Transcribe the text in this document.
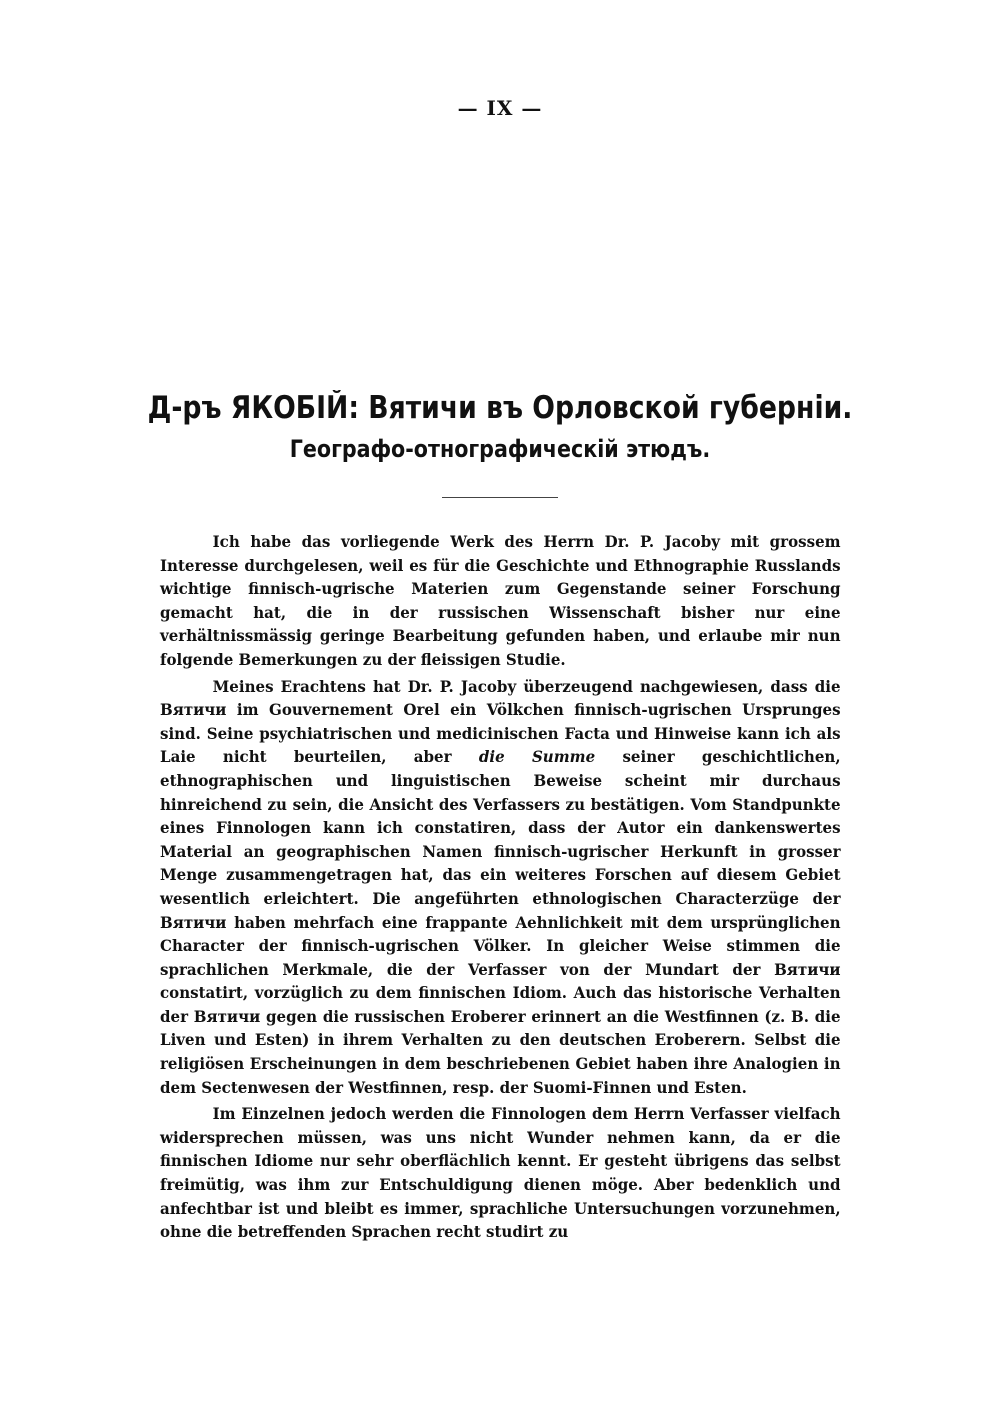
— IX —
Д-ръ ЯКОБІЙ: Вятичи въ Орловской губерніи.
Географо-отнографическій этюдъ.

Ich habe das vorliegende Werk des Herrn Dr. P. Jacoby mit grossem Interesse durchgelesen, weil es für die Geschichte und Ethnographie Russlands wichtige finnisch-ugrische Materien zum Gegenstande seiner Forschung gemacht hat, die in der russischen Wissenschaft bisher nur eine verhältnissmässig geringe Bearbeitung gefunden haben, und erlaube mir nun folgende Bemerkungen zu der fleissigen Studie.

Meines Erachtens hat Dr. P. Jacoby überzeugend nachgewiesen, dass die Вятичи im Gouvernement Orel ein Völkchen finnisch-ugrischen Ursprunges sind. Seine psychiatrischen und medicinischen Facta und Hinweise kann ich als Laie nicht beurteilen, aber die Summe seiner geschichtlichen, ethnographischen und linguistischen Beweise scheint mir durchaus hinreichend zu sein, die Ansicht des Verfassers zu bestätigen. Vom Standpunkte eines Finnologen kann ich constatiren, dass der Autor ein dankenswertes Material an geographischen Namen finnisch-ugrischer Herkunft in grosser Menge zusammengetragen hat, das ein weiteres Forschen auf diesem Gebiet wesentlich erleichtert. Die angeführten ethnologischen Characterzüge der Вятичи haben mehrfach eine frappante Aehnlichkeit mit dem ursprünglichen Character der finnisch-ugrischen Völker. In gleicher Weise stimmen die sprachlichen Merkmale, die der Verfasser von der Mundart der Вятичи constatirt, vorzüglich zu dem finnischen Idiom. Auch das historische Verhalten der Вятичи gegen die russischen Eroberer erinnert an die Westfinnen (z. B. die Liven und Esten) in ihrem Verhalten zu den deutschen Eroberern. Selbst die religiösen Erscheinungen in dem beschriebenen Gebiet haben ihre Analogien in dem Sectenwesen der Westfinnen, resp. der Suomi-Finnen und Esten.

Im Einzelnen jedoch werden die Finnologen dem Herrn Verfasser vielfach widersprechen müssen, was uns nicht Wunder nehmen kann, da er die finnischen Idiome nur sehr oberflächlich kennt. Er gesteht übrigens das selbst freimütig, was ihm zur Entschuldigung dienen möge. Aber bedenklich und anfechtbar ist und bleibt es immer, sprachliche Untersuchungen vorzunehmen, ohne die betreffenden Sprachen recht studirt zu
